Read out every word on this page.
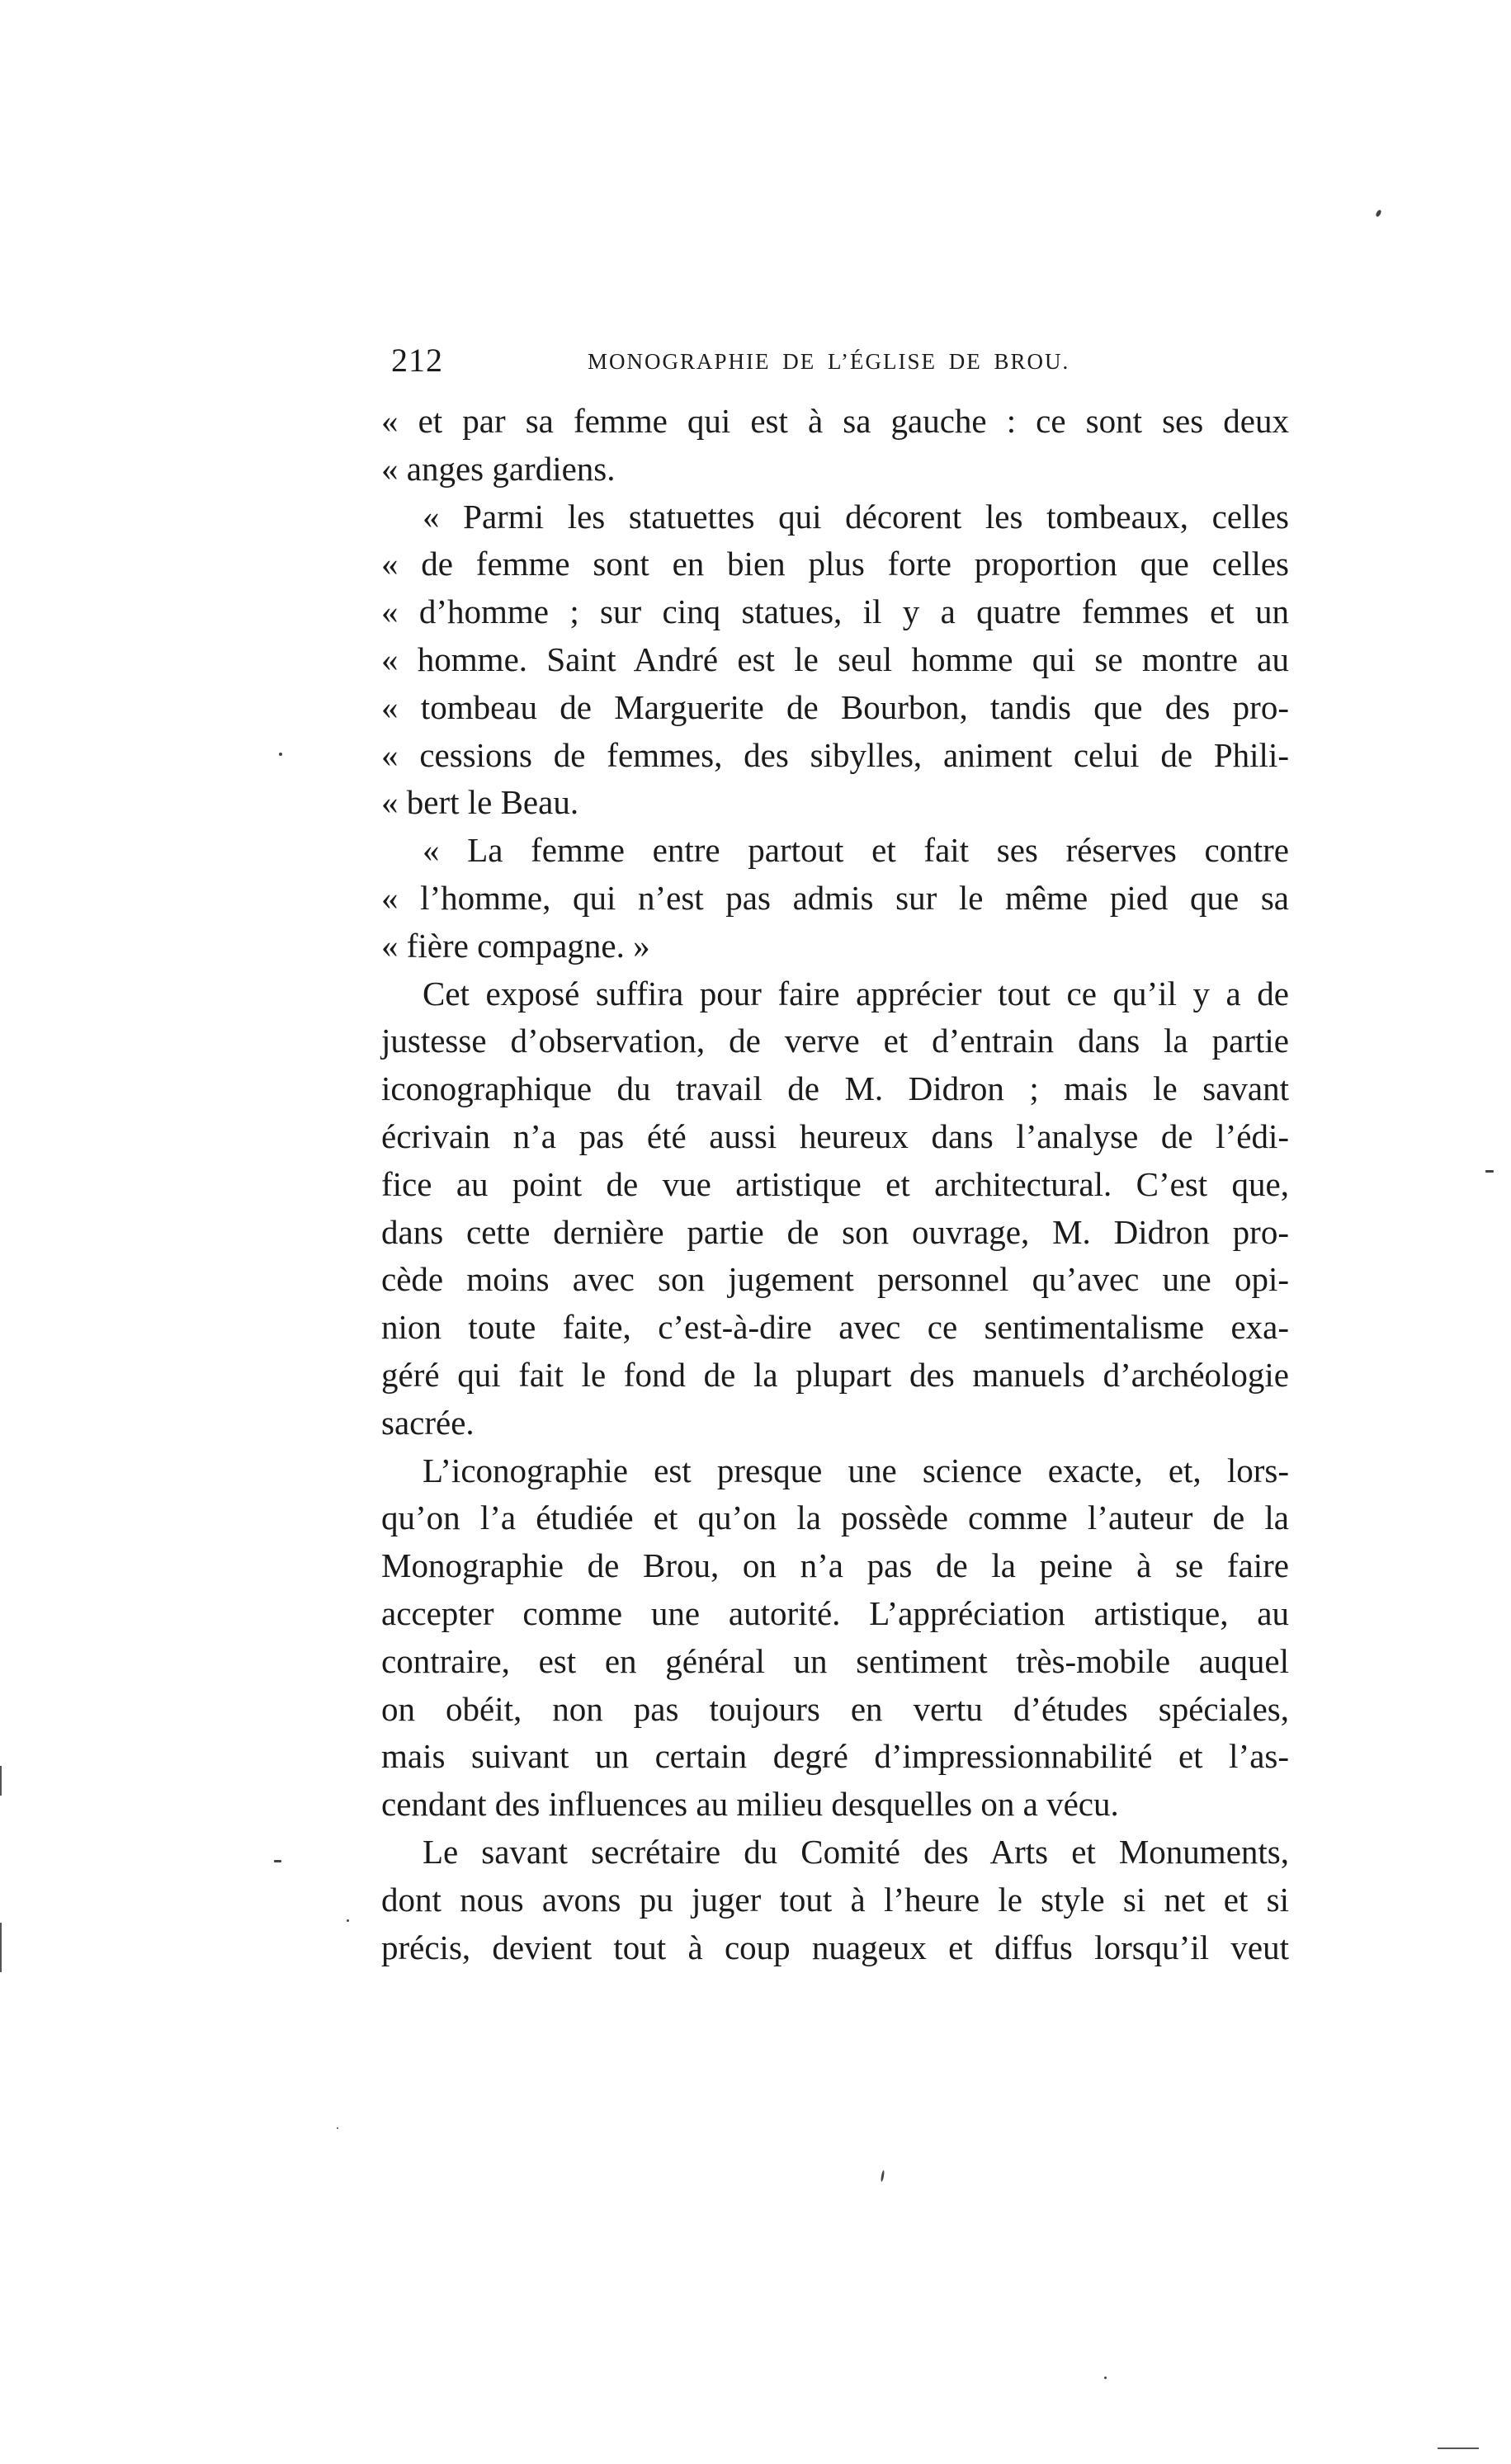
212	MONOGRAPHIE DE L’ÉGLISE DE BROU.
« et par sa femme qui est à sa gauche : ce sont ses deux
« anges gardiens.
« Parmi les statuettes qui décorent les tombeaux, celles
« de femme sont en bien plus forte proportion que celles
« d’homme ; sur cinq statues, il y a quatre femmes et un
« homme. Saint André est le seul homme qui se montre au
« tombeau de Marguerite de Bourbon, tandis que des pro-
« cessions de femmes, des sibylles, animent celui de Phili-
« bert le Beau.
« La femme entre partout et fait ses réserves contre
« l’homme, qui n’est pas admis sur le même pied que sa
« fière compagne. »
Cet exposé suffira pour faire apprécier tout ce qu’il y a de
justesse d’observation, de verve et d’entrain dans la partie
iconographique du travail de M. Didron ; mais le savant
écrivain n’a pas été aussi heureux dans l’analyse de l’édi-
fice au point de vue artistique et architectural. C’est que,
dans cette dernière partie de son ouvrage, M. Didron pro-
cède moins avec son jugement personnel qu’avec une opi-
nion toute faite, c’est-à-dire avec ce sentimentalisme exa-
géré qui fait le fond de la plupart des manuels d’archéologie
sacrée.
L’iconographie est presque une science exacte, et, lors-
qu’on l’a étudiée et qu’on la possède comme l’auteur de la
Monographie de Brou, on n’a pas de la peine à se faire
accepter comme une autorité. L’appréciation artistique, au
contraire, est en général un sentiment très-mobile auquel
on obéit, non pas toujours en vertu d’études spéciales,
mais suivant un certain degré d’impressionnabilité et l’as-
cendant des influences au milieu desquelles on a vécu.
Le savant secrétaire du Comité des Arts et Monuments,
dont nous avons pu juger tout à l’heure le style si net et si
précis, devient tout à coup nuageux et diffus lorsqu’il veut
